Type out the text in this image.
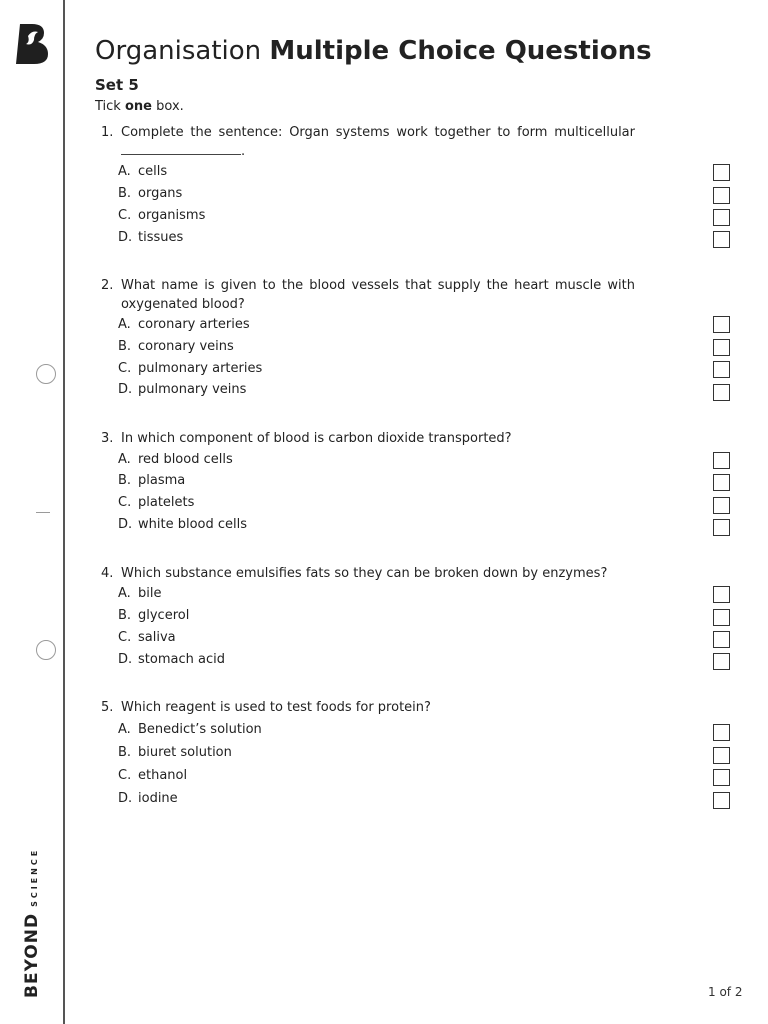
BEYONDSCIENCE
Organisation Multiple Choice Questions
Set 5
Tick one box.
1. Complete the sentence: Organ systems work together to form multicellular .
A. cells
B. organs
C. organisms
D. tissues
2. What name is given to the blood vessels that supply the heart muscle with oxygenated blood?
A. coronary arteries
B. coronary veins
C. pulmonary arteries
D. pulmonary veins
3. In which component of blood is carbon dioxide transported?
A. red blood cells
B. plasma
C. platelets
D. white blood cells
4. Which substance emulsifies fats so they can be broken down by enzymes?
A. bile
B. glycerol
C. saliva
D. stomach acid
5. Which reagent is used to test foods for protein?
A. Benedict’s solution
B. biuret solution
C. ethanol
D. iodine
1 of 2
